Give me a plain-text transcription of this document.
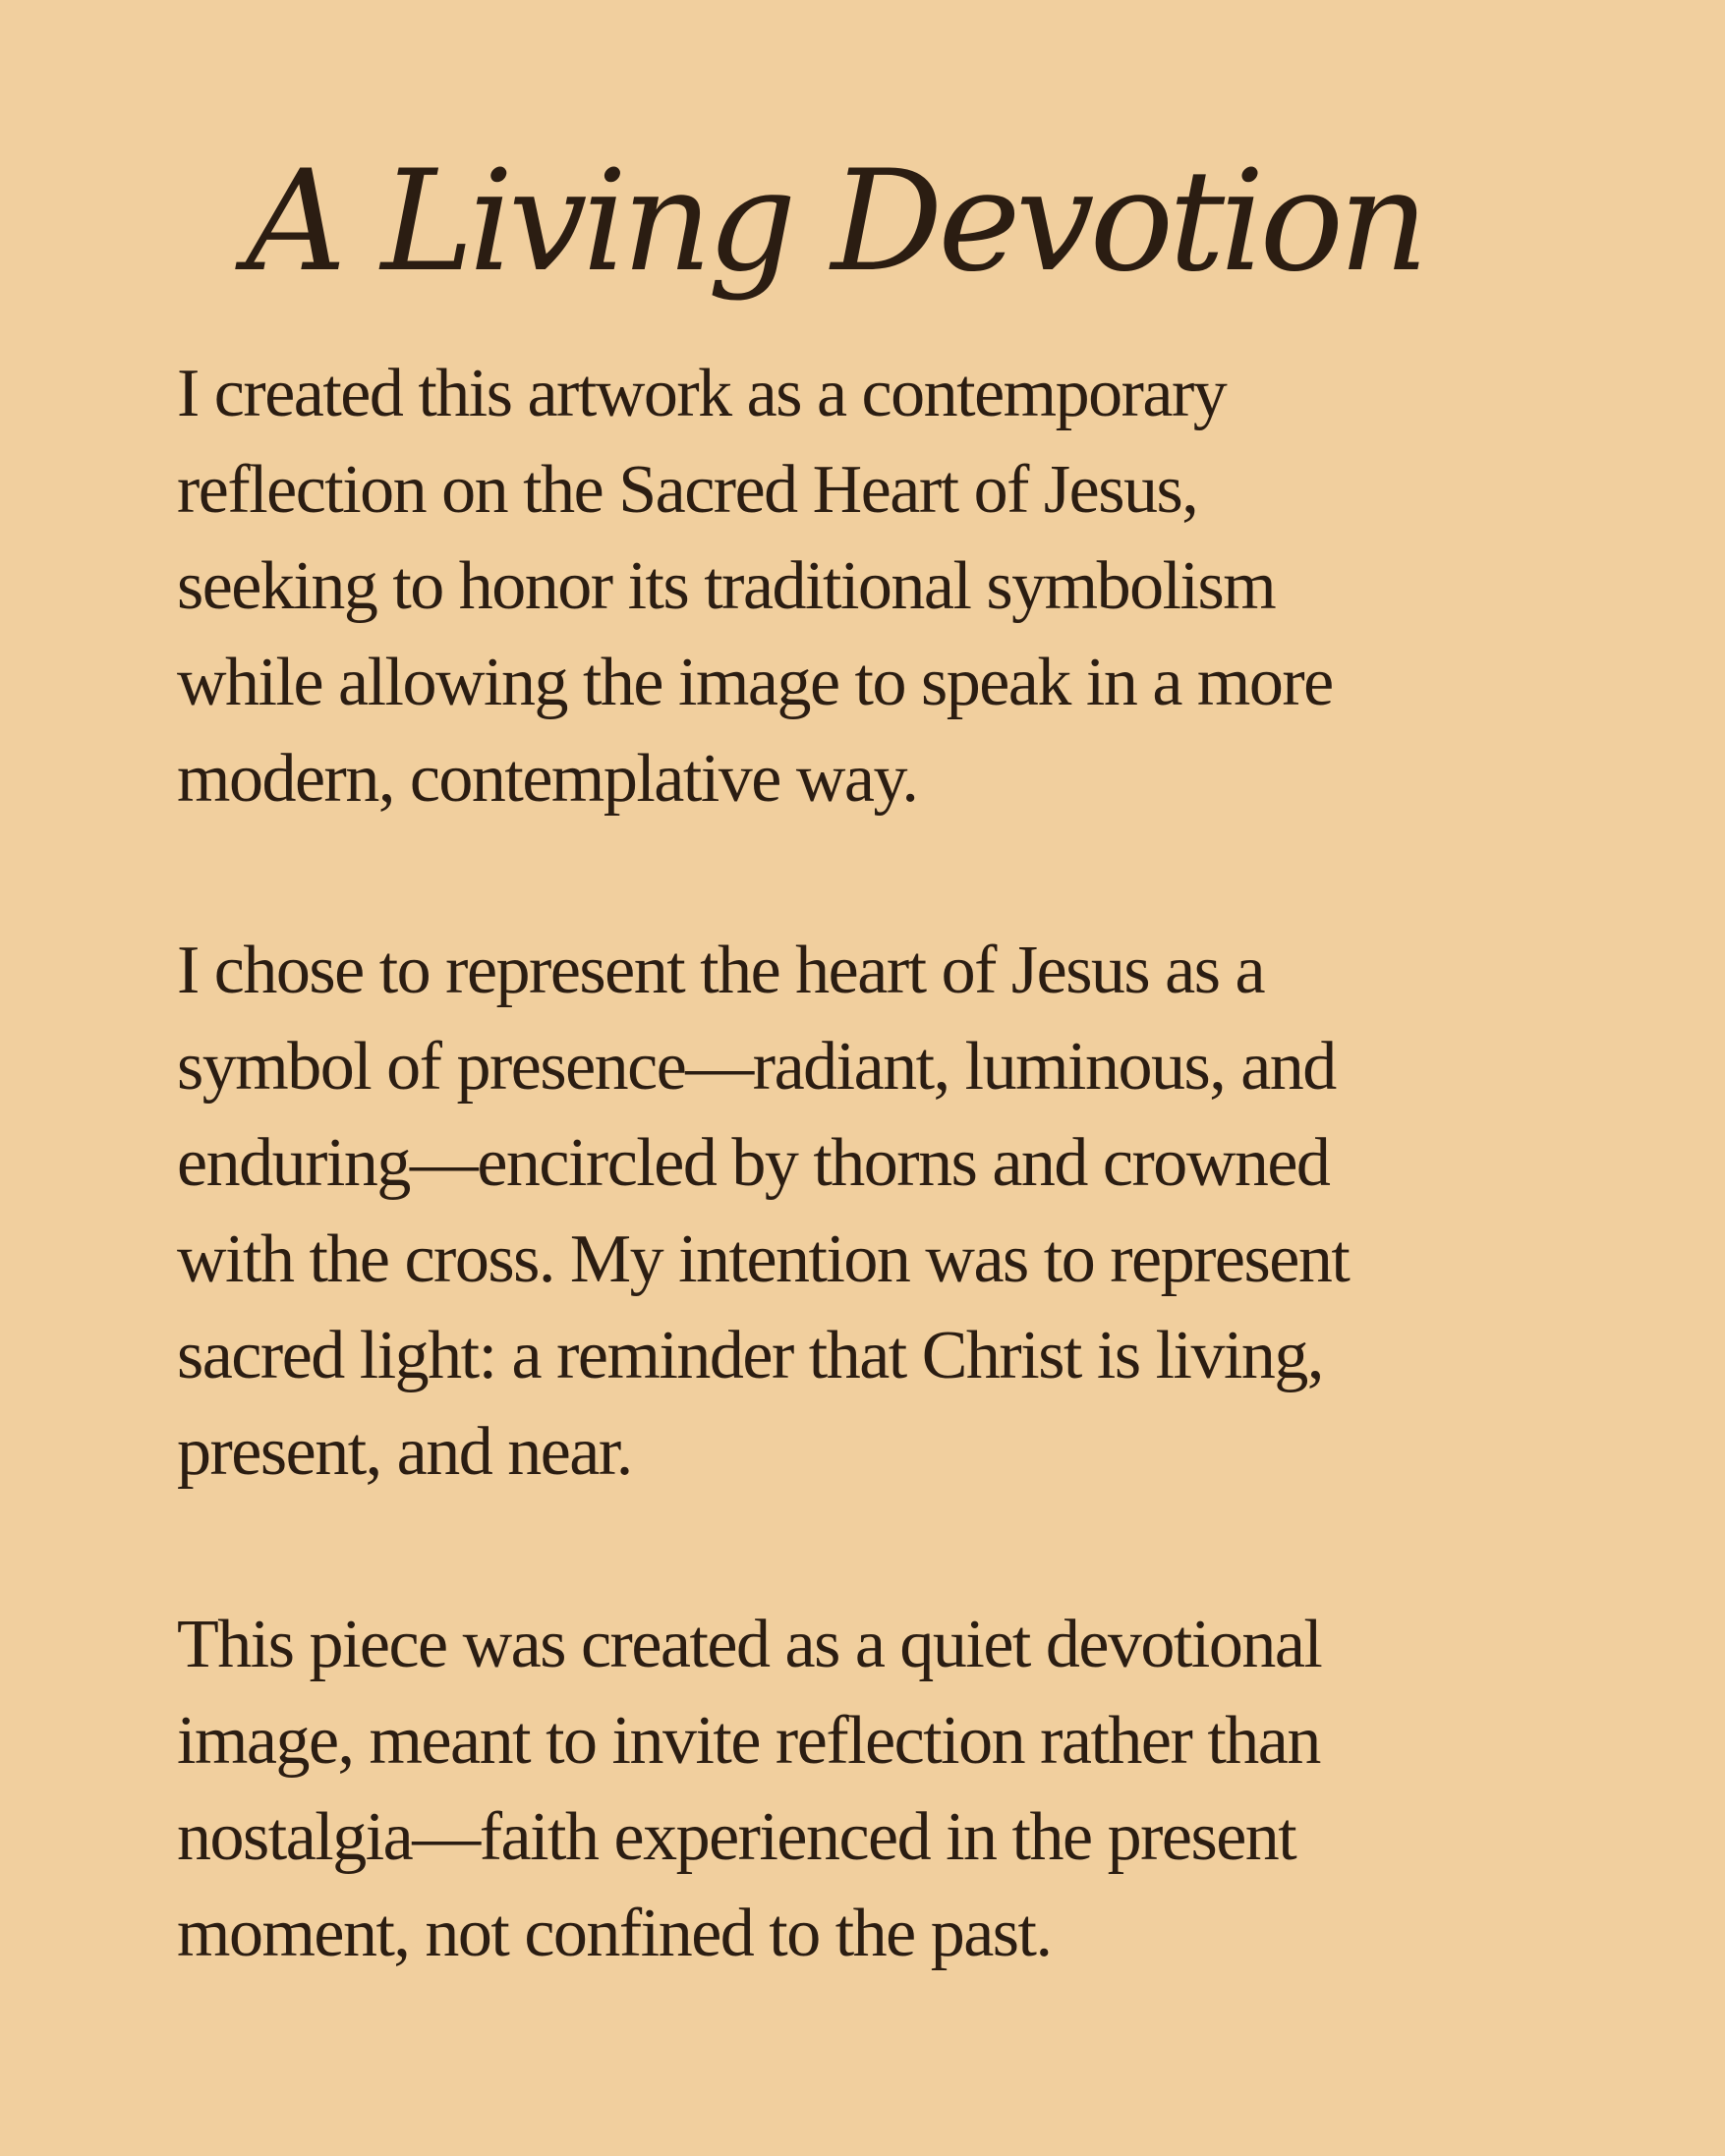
A Living Devotion

I created this artwork as a contemporary
reflection on the Sacred Heart of Jesus,
seeking to honor its traditional symbolism
while allowing the image to speak in a more
modern, contemplative way.

I chose to represent the heart of Jesus as a
symbol of presence—radiant, luminous, and
enduring—encircled by thorns and crowned
with the cross. My intention was to represent
sacred light: a reminder that Christ is living,
present, and near.

This piece was created as a quiet devotional
image, meant to invite reflection rather than
nostalgia—faith experienced in the present
moment, not confined to the past.
